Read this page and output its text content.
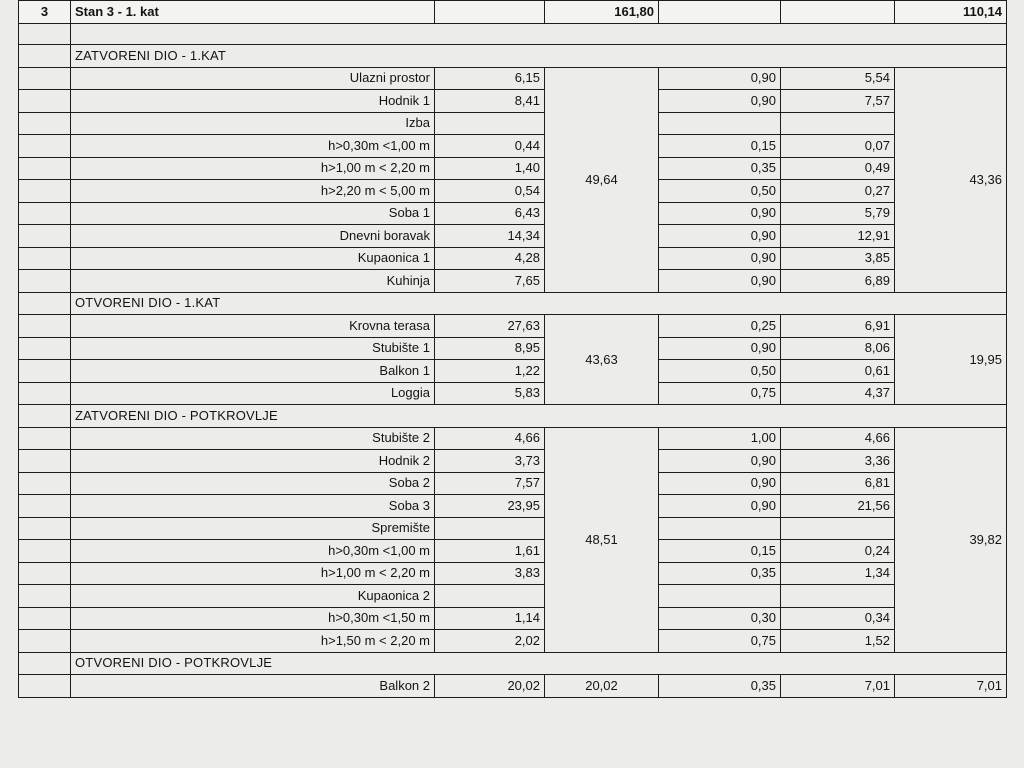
3	Stan 3 - 1. kat		161,80			110,14

	ZATVORENI DIO - 1.KAT					
	Ulazni prostor	6,15	49,64	0,90	5,54	43,36
	Hodnik 1	8,41		0,90	7,57	
	Izba					
	h>0,30m <1,00 m	0,44		0,15	0,07	
	h>1,00 m < 2,20 m	1,40		0,35	0,49	
	h>2,20 m < 5,00 m	0,54		0,50	0,27	
	Soba 1	6,43		0,90	5,79	
	Dnevni boravak	14,34		0,90	12,91	
	Kupaonica 1	4,28		0,90	3,85	
	Kuhinja	7,65		0,90	6,89	
	OTVORENI DIO - 1.KAT					
	Krovna terasa	27,63	43,63	0,25	6,91	19,95
	Stubište 1	8,95		0,90	8,06	
	Balkon 1	1,22		0,50	0,61	
	Loggia	5,83		0,75	4,37	
	ZATVORENI DIO - POTKROVLJE					
	Stubište 2	4,66	48,51	1,00	4,66	39,82
	Hodnik 2	3,73		0,90	3,36	
	Soba 2	7,57		0,90	6,81	
	Soba 3	23,95		0,90	21,56	
	Spremište					
	h>0,30m <1,00 m	1,61		0,15	0,24	
	h>1,00 m < 2,20 m	3,83		0,35	1,34	
	Kupaonica 2					
	h>0,30m <1,50 m	1,14		0,30	0,34	
	h>1,50 m < 2,20 m	2,02		0,75	1,52	
	OTVORENI DIO - POTKROVLJE					
	Balkon 2	20,02	20,02	0,35	7,01	7,01
